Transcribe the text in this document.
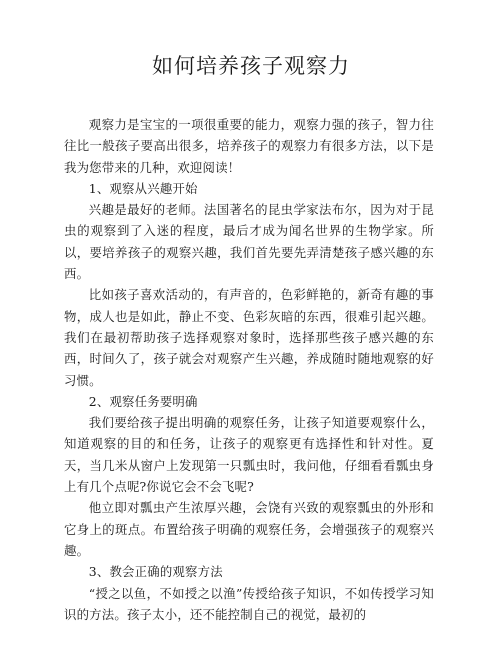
如何培养孩子观察力

观察力是宝宝的一项很重要的能力，观察力强的孩子，智力往往比一般孩子要高出很多，培养孩子的观察力有很多方法，以下是我为您带来的几种，欢迎阅读！

1、观察从兴趣开始

兴趣是最好的老师。法国著名的昆虫学家法布尔，因为对于昆虫的观察到了入迷的程度，最后才成为闻名世界的生物学家。所以，要培养孩子的观察兴趣，我们首先要先弄清楚孩子感兴趣的东西。

比如孩子喜欢活动的，有声音的，色彩鲜艳的，新奇有趣的事物，成人也是如此，静止不变、色彩灰暗的东西，很难引起兴趣。我们在最初帮助孩子选择观察对象时，选择那些孩子感兴趣的东西，时间久了，孩子就会对观察产生兴趣，养成随时随地观察的好习惯。

2、观察任务要明确

我们要给孩子提出明确的观察任务，让孩子知道要观察什么，知道观察的目的和任务，让孩子的观察更有选择性和针对性。夏天，当几米从窗户上发现第一只瓢虫时，我问他，仔细看看瓢虫身上有几个点呢?你说它会不会飞呢?

他立即对瓢虫产生浓厚兴趣，会饶有兴致的观察瓢虫的外形和它身上的斑点。布置给孩子明确的观察任务，会增强孩子的观察兴趣。

3、教会正确的观察方法

“授之以鱼，不如授之以渔”传授给孩子知识，不如传授学习知识的方法。孩子太小，还不能控制自己的视觉，最初的
